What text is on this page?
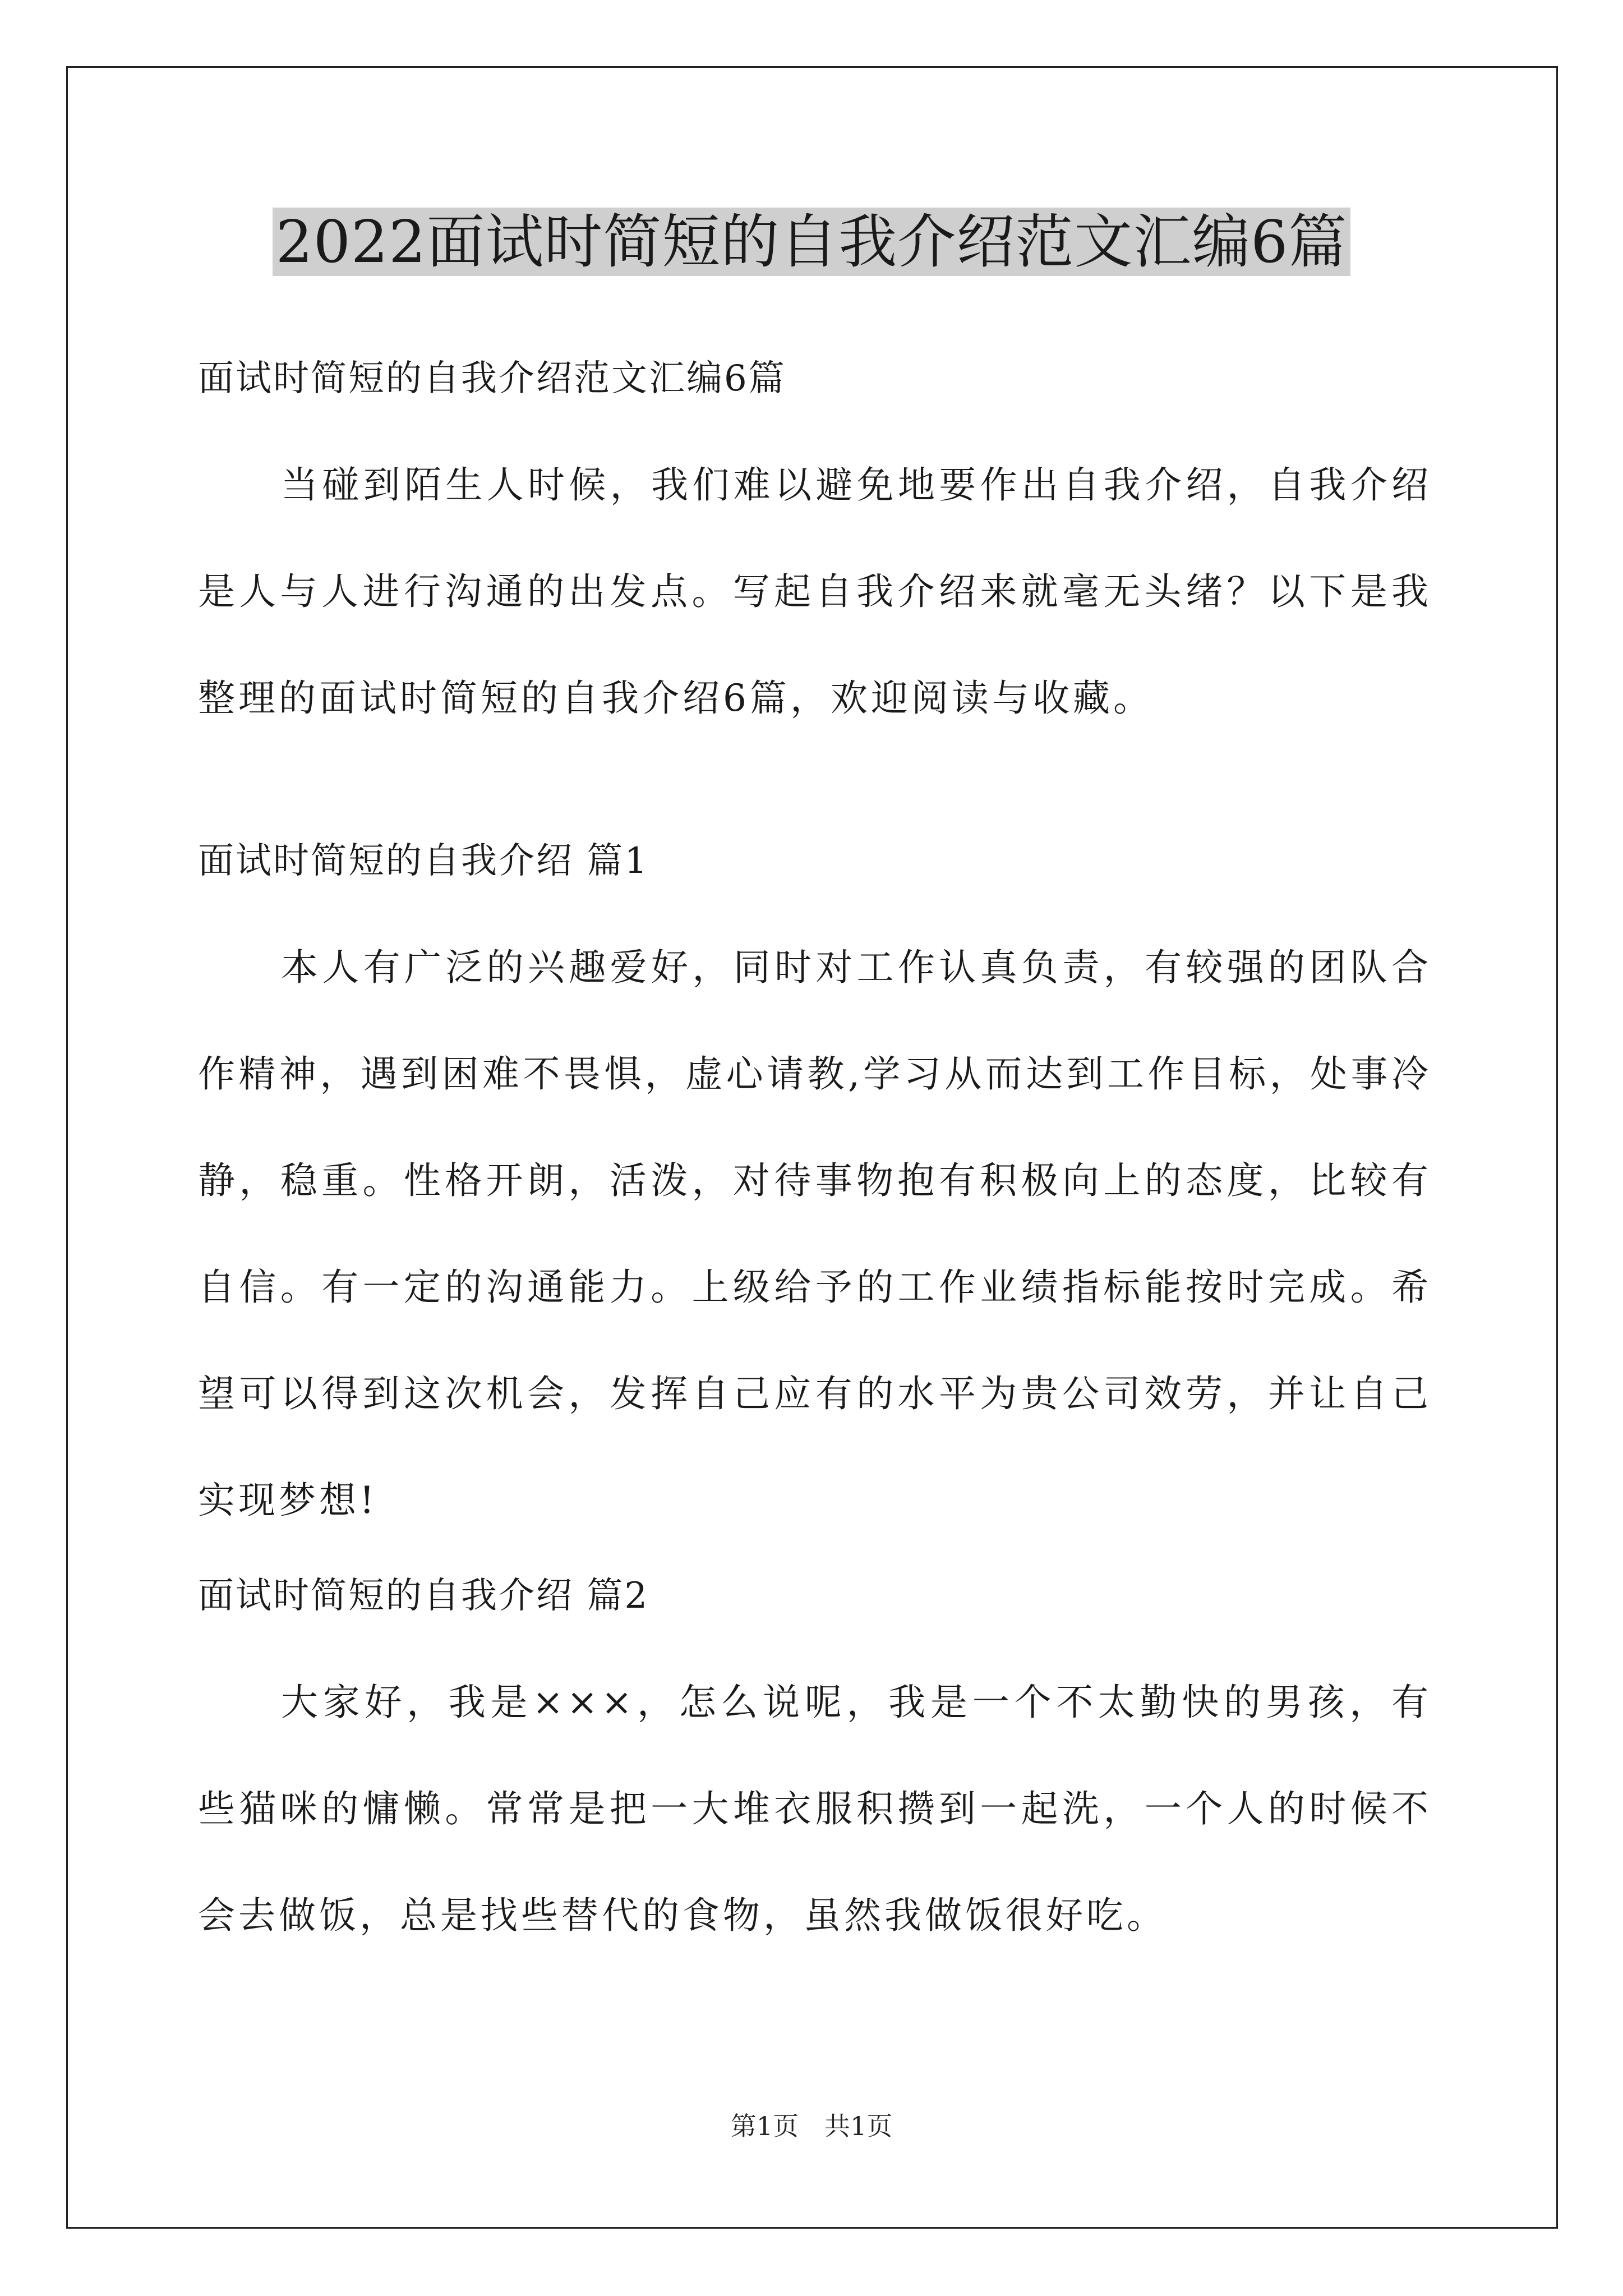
2022面试时简短的自我介绍范文汇编6篇

面试时简短的自我介绍范文汇编6篇

当碰到陌生人时候，我们难以避免地要作出自我介绍，自我介绍是人与人进行沟通的出发点。写起自我介绍来就毫无头绪？以下是我整理的面试时简短的自我介绍6篇，欢迎阅读与收藏。

面试时简短的自我介绍 篇1

本人有广泛的兴趣爱好，同时对工作认真负责，有较强的团队合作精神，遇到困难不畏惧，虚心请教,学习从而达到工作目标，处事冷静，稳重。性格开朗，活泼，对待事物抱有积极向上的态度，比较有自信。有一定的沟通能力。上级给予的工作业绩指标能按时完成。希望可以得到这次机会，发挥自己应有的水平为贵公司效劳，并让自己实现梦想!

面试时简短的自我介绍 篇2

大家好，我是×××，怎么说呢，我是一个不太勤快的男孩，有些猫咪的慵懒。常常是把一大堆衣服积攒到一起洗，一个人的时候不会去做饭，总是找些替代的食物，虽然我做饭很好吃。

第1页　共1页
